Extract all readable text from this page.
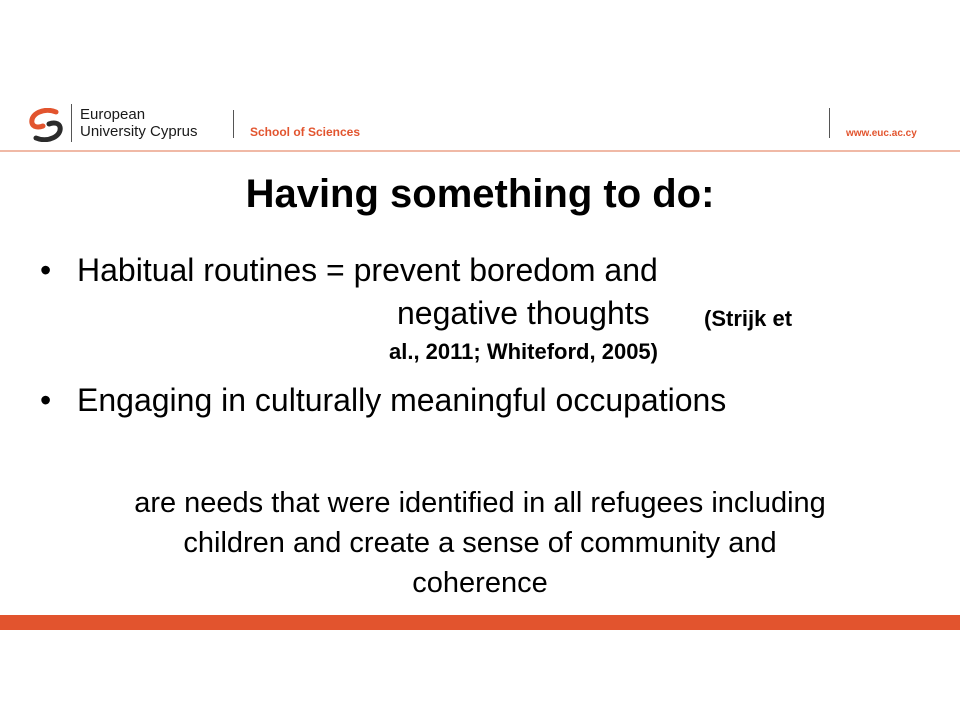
European
University Cyprus	School of Sciences	www.euc.ac.cy
Having something to do:
• Habitual routines = prevent boredom and
negative thoughts (Strijk et
al., 2011; Whiteford, 2005)
• Engaging in culturally meaningful occupations
are needs that were identified in all refugees including
children and create a sense of community and
coherence
